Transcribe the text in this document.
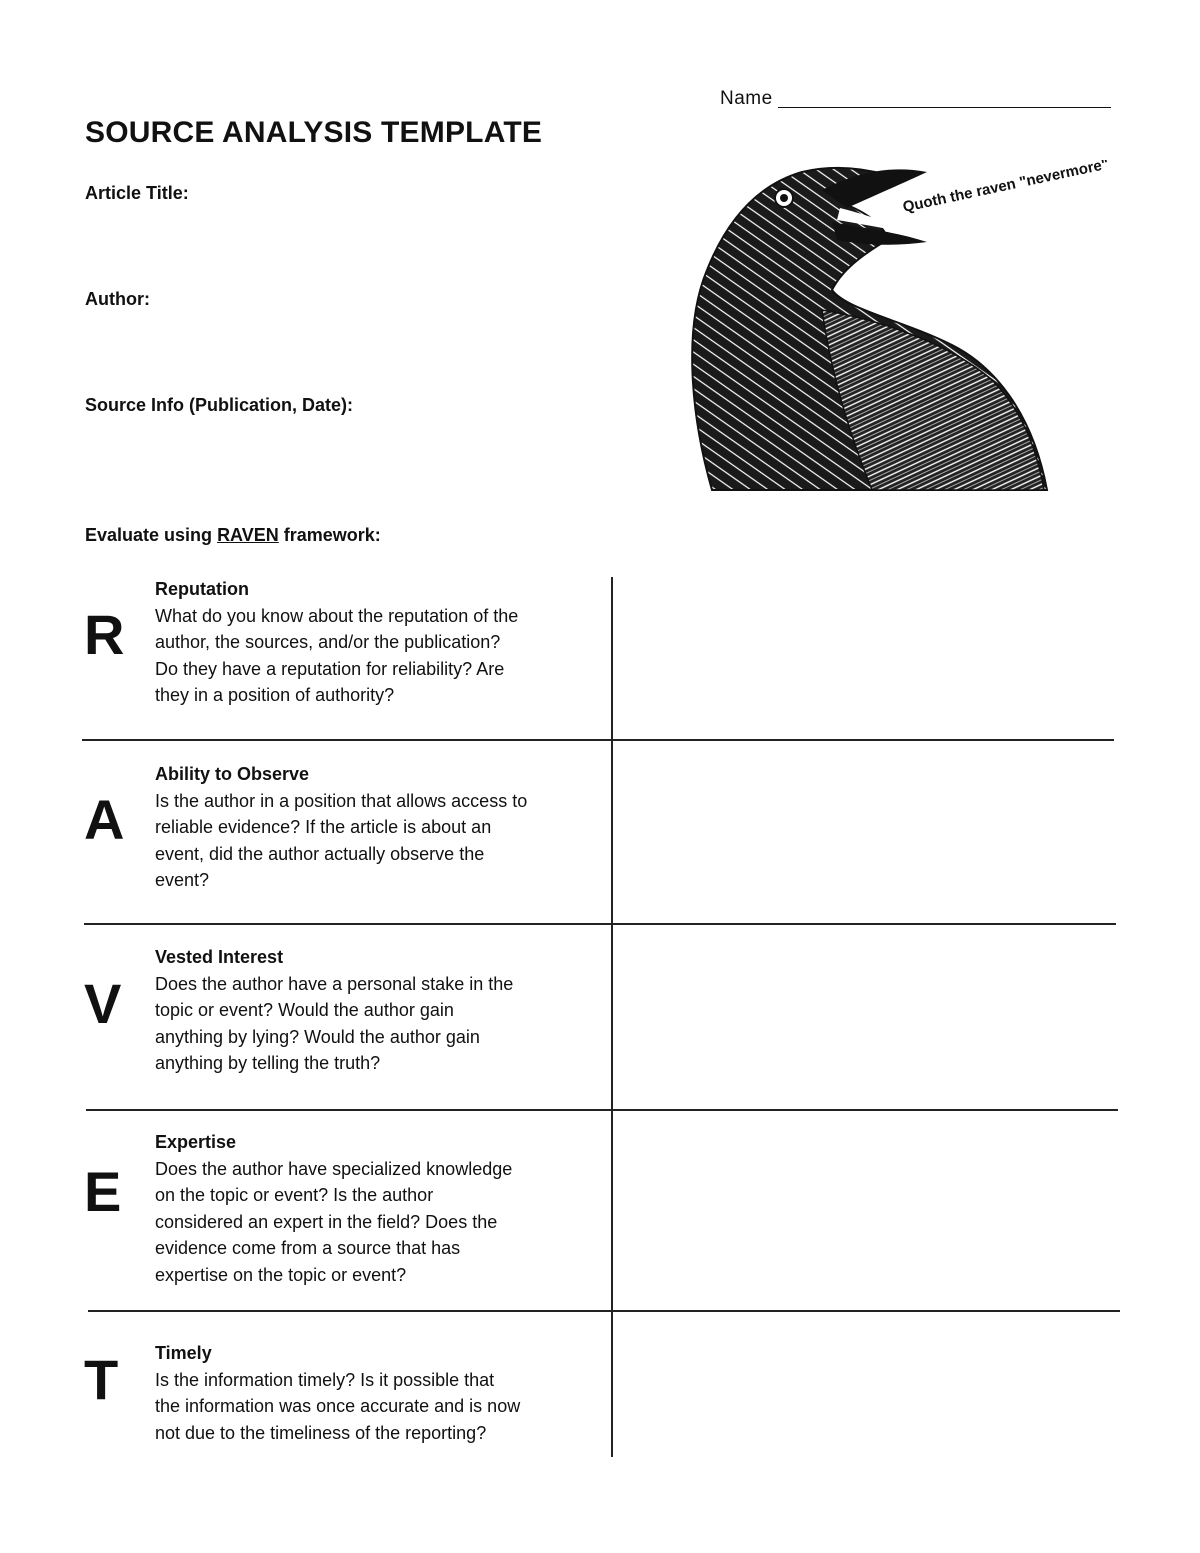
Name
SOURCE ANALYSIS TEMPLATE
Article Title:
Author:
Source Info (Publication, Date):
Quoth the raven "nevermore"
Evaluate using RAVEN framework:
R
Reputation
What do you know about the reputation of the
author, the sources, and/or the publication?
Do they have a reputation for reliability? Are
they in a position of authority?
A
Ability to Observe
Is the author in a position that allows access to
reliable evidence? If the article is about an
event, did the author actually observe the
event?
V
Vested Interest
Does the author have a personal stake in the
topic or event? Would the author gain
anything by lying? Would the author gain
anything by telling the truth?
E
Expertise
Does the author have specialized knowledge
on the topic or event? Is the author
considered an expert in the field? Does the
evidence come from a source that has
expertise on the topic or event?
T Timely
Is the information timely? Is it possible that
the information was once accurate and is now
not due to the timeliness of the reporting?
